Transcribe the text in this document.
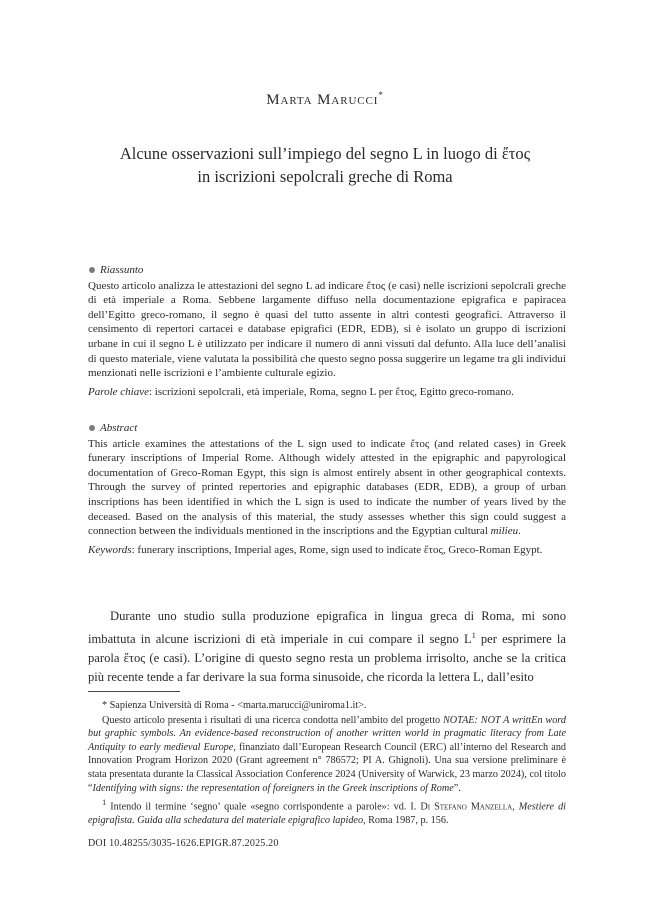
Marta Marucci*
Alcune osservazioni sull’impiego del segno L in luogo di ἔτος
in iscrizioni sepolcrali greche di Roma
Riassunto
Questo articolo analizza le attestazioni del segno L ad indicare ἔτος (e casi) nelle iscrizioni sepolcrali greche di età imperiale a Roma. Sebbene largamente diffuso nella documentazione epigrafica e papiracea dell’Egitto greco-romano, il segno è quasi del tutto assente in altri contesti geografici. Attraverso il censimento di repertori cartacei e database epigrafici (EDR, EDB), si è isolato un gruppo di iscrizioni urbane in cui il segno L è utilizzato per indicare il numero di anni vissuti dal defunto. Alla luce dell’analisi di questo materiale, viene valutata la possibilità che questo segno possa suggerire un legame tra gli individui menzionati nelle iscrizioni e l’ambiente culturale egizio.
Parole chiave: iscrizioni sepolcrali, età imperiale, Roma, segno L per ἔτος, Egitto greco-romano.
Abstract
This article examines the attestations of the L sign used to indicate ἔτος (and related cases) in Greek funerary inscriptions of Imperial Rome. Although widely attested in the epigraphic and papyrological documentation of Greco-Roman Egypt, this sign is almost entirely absent in other geographical contexts. Through the survey of printed repertories and epigraphic databases (EDR, EDB), a group of urban inscriptions has been identified in which the L sign is used to indicate the number of years lived by the deceased. Based on the analysis of this material, the study assesses whether this sign could suggest a connection between the individuals mentioned in the inscriptions and the Egyptian cultural milieu.
Keywords: funerary inscriptions, Imperial ages, Rome, sign used to indicate ἔτος, Greco-Roman Egypt.
Durante uno studio sulla produzione epigrafica in lingua greca di Roma, mi sono imbattuta in alcune iscrizioni di età imperiale in cui compare il segno $L^1$ per esprimere la parola ἔτος (e casi). L’origine di questo segno resta un problema irrisolto, anche se la critica più recente tende a far derivare la sua forma sinusoide, che ricorda la lettera L, dall’esito
* Sapienza Università di Roma - <marta.marucci@uniroma1.it>.
Questo articolo presenta i risultati di una ricerca condotta nell’ambito del progetto NOTAE: NOT A writtEn word but graphic symbols. An evidence-based reconstruction of another written world in pragmatic literacy from Late Antiquity to early medieval Europe, finanziato dall’European Research Council (ERC) all’interno del Research and Innovation Program Horizon 2020 (Grant agreement n° 786572; PI A. Ghignoli). Una sua versione preliminare è stata presentata durante la Classical Association Conference 2024 (University of Warwick, 23 marzo 2024), col titolo “Identifying with signs: the representation of foreigners in the Greek inscriptions of Rome”.
$^1$ Intendo il termine ‘segno’ quale «segno corrispondente a parole»: vd. I. Di Stefano Manzella, Mestiere di epigrafista. Guida alla schedatura del materiale epigrafico lapideo, Roma 1987, p. 156.
DOI 10.48255/3035-1626.EPIGR.87.2025.20
